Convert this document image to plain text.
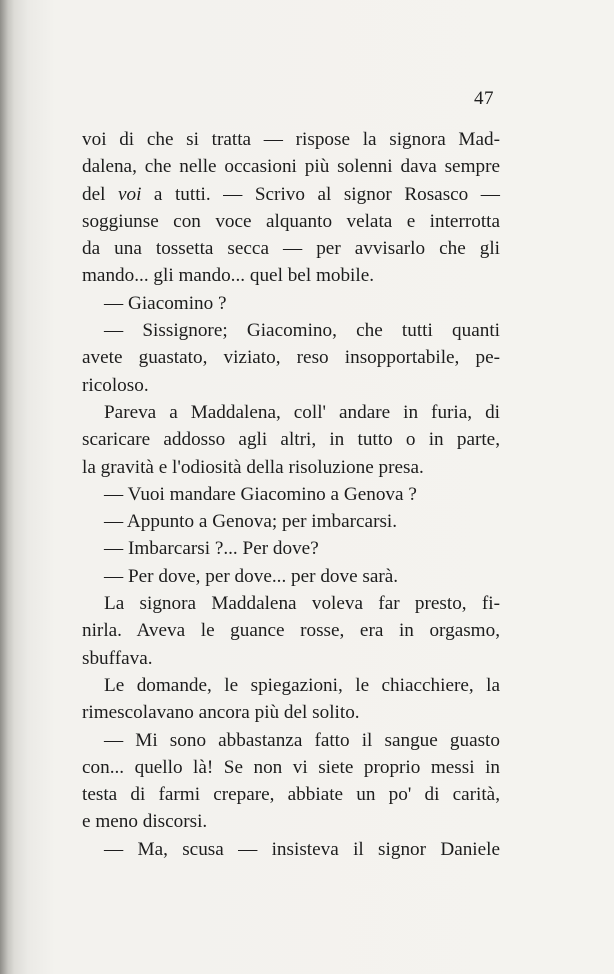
47
voi di che si tratta — rispose la signora Mad-
dalena, che nelle occasioni più solenni dava sempre
del voi a tutti. — Scrivo al signor Rosasco —
soggiunse con voce alquanto velata e interrotta
da una tossetta secca — per avvisarlo che gli
mando... gli mando... quel bel mobile.
— Giacomino ?
— Sissignore; Giacomino, che tutti quanti
avete guastato, viziato, reso insopportabile, pe-
ricoloso.
Pareva a Maddalena, coll' andare in furia, di
scaricare addosso agli altri, in tutto o in parte,
la gravità e l'odiosità della risoluzione presa.
— Vuoi mandare Giacomino a Genova ?
— Appunto a Genova; per imbarcarsi.
— Imbarcarsi ?... Per dove?
— Per dove, per dove... per dove sarà.
La signora Maddalena voleva far presto, fi-
nirla. Aveva le guance rosse, era in orgasmo,
sbuffava.
Le domande, le spiegazioni, le chiacchiere, la
rimescolavano ancora più del solito.
— Mi sono abbastanza fatto il sangue guasto
con... quello là! Se non vi siete proprio messi in
testa di farmi crepare, abbiate un po' di carità,
e meno discorsi.
— Ma, scusa — insisteva il signor Daniele
